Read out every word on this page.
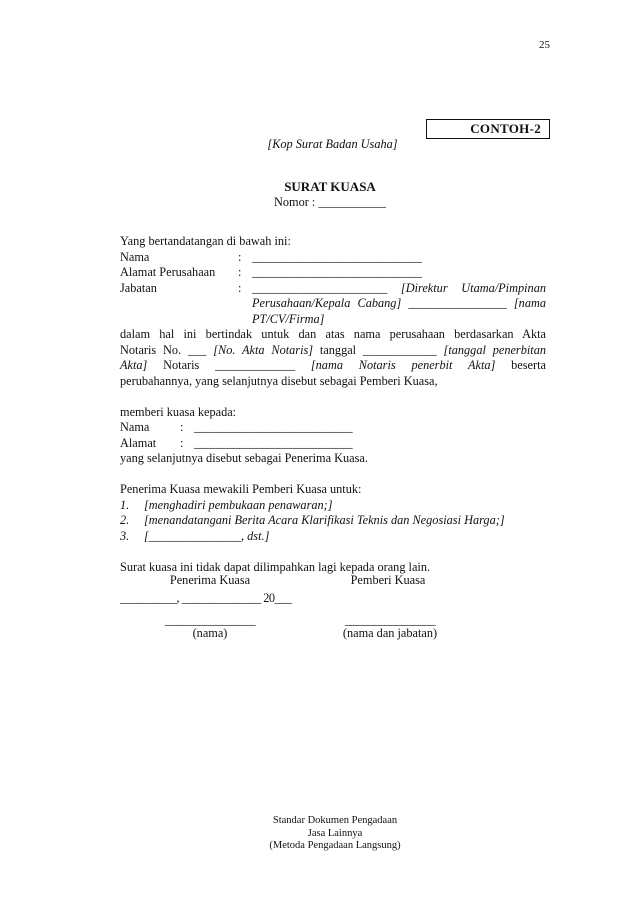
25
CONTOH-2
[Kop Surat Badan Usaha]
SURAT KUASA
Nomor : ___________

Yang bertandatangan di bawah ini:

Nama	: ______________________________
Alamat Perusahaan	: ______________________________
Jabatan	: ______________________ [Direktur Utama/Pimpinan
Perusahaan/Kepala Cabang] ________________ [nama
PT/CV/Firma]

dalam hal ini bertindak untuk dan atas nama perusahaan berdasarkan Akta

Notaris No. ___ [No. Akta Notaris] tanggal ____________ [tanggal penerbitan

Akta] Notaris _____________ [nama Notaris penerbit Akta] beserta

perubahannya, yang selanjutnya disebut sebagai Pemberi Kuasa,

memberi kuasa kepada:

Nama	: ____________________________
Alamat	: ____________________________

yang selanjutnya disebut sebagai Penerima Kuasa.

Penerima Kuasa mewakili Pemberi Kuasa untuk:

1.	[menghadiri pembukaan penawaran;]
2.	[menandatangani Berita Acara Klarifikasi Teknis dan Negosiasi Harga;]
3.	[_______________, dst.]

Surat kuasa ini tidak dapat dilimpahkan lagi kepada orang lain.

__________, ______________ 20___

Penerima Kuasa	Pemberi Kuasa
________________	________________
(nama)	(nama dan jabatan)
Standar Dokumen Pengadaan
Jasa Lainnya
(Metoda Pengadaan Langsung)
